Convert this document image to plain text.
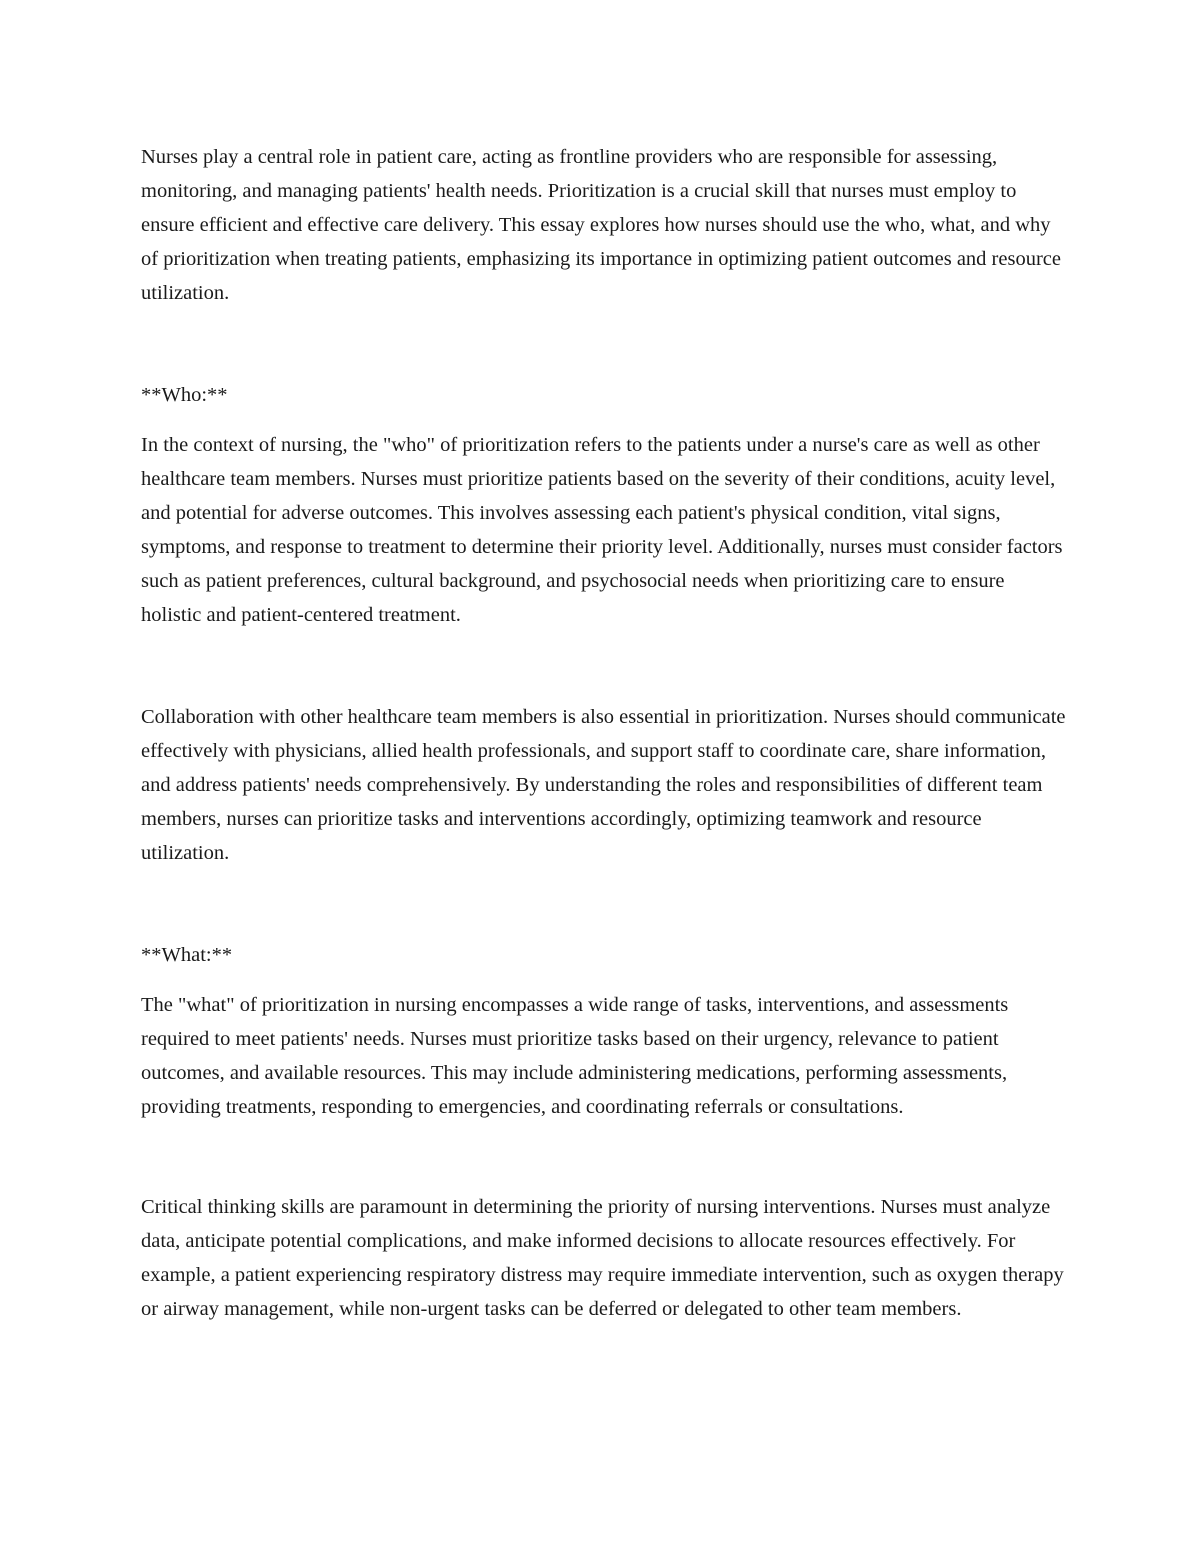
Nurses play a central role in patient care, acting as frontline providers who are responsible for assessing, monitoring, and managing patients' health needs. Prioritization is a crucial skill that nurses must employ to ensure efficient and effective care delivery. This essay explores how nurses should use the who, what, and why of prioritization when treating patients, emphasizing its importance in optimizing patient outcomes and resource utilization.

**Who:**

In the context of nursing, the "who" of prioritization refers to the patients under a nurse's care as well as other healthcare team members. Nurses must prioritize patients based on the severity of their conditions, acuity level, and potential for adverse outcomes. This involves assessing each patient's physical condition, vital signs, symptoms, and response to treatment to determine their priority level. Additionally, nurses must consider factors such as patient preferences, cultural background, and psychosocial needs when prioritizing care to ensure holistic and patient-centered treatment.

Collaboration with other healthcare team members is also essential in prioritization. Nurses should communicate effectively with physicians, allied health professionals, and support staff to coordinate care, share information, and address patients' needs comprehensively. By understanding the roles and responsibilities of different team members, nurses can prioritize tasks and interventions accordingly, optimizing teamwork and resource utilization.

**What:**

The "what" of prioritization in nursing encompasses a wide range of tasks, interventions, and assessments required to meet patients' needs. Nurses must prioritize tasks based on their urgency, relevance to patient outcomes, and available resources. This may include administering medications, performing assessments, providing treatments, responding to emergencies, and coordinating referrals or consultations.

Critical thinking skills are paramount in determining the priority of nursing interventions. Nurses must analyze data, anticipate potential complications, and make informed decisions to allocate resources effectively. For example, a patient experiencing respiratory distress may require immediate intervention, such as oxygen therapy or airway management, while non-urgent tasks can be deferred or delegated to other team members.
